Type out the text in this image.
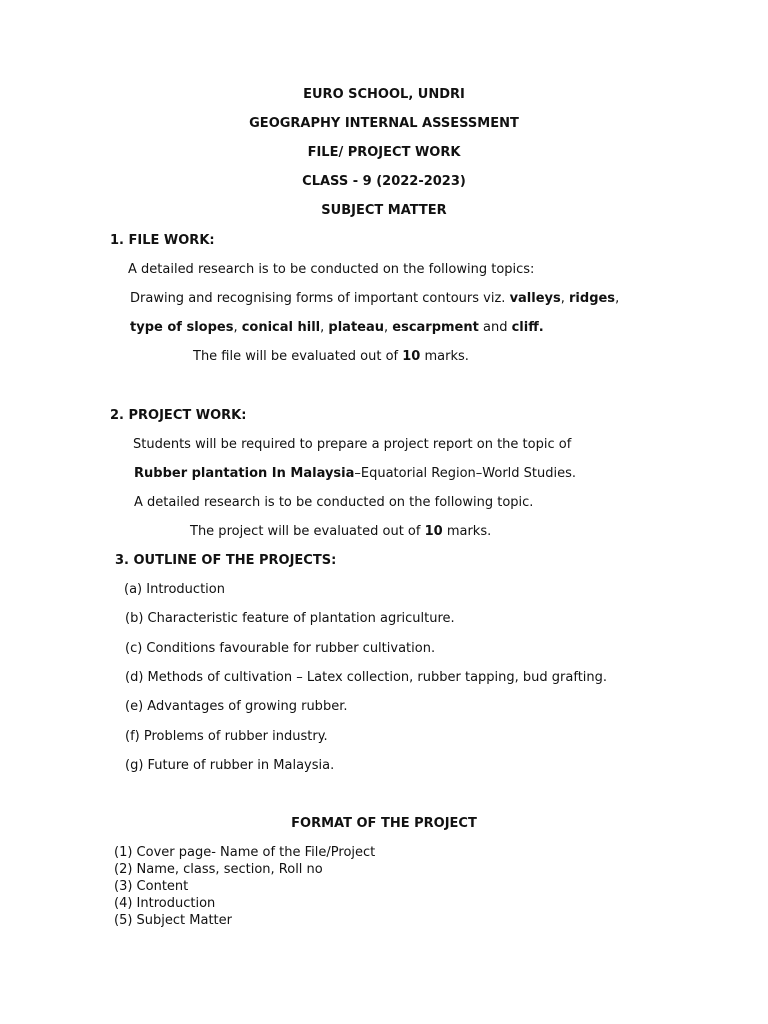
EURO SCHOOL, UNDRI
GEOGRAPHY INTERNAL ASSESSMENT
FILE/ PROJECT WORK
CLASS - 9 (2022-2023)
SUBJECT MATTER
1. FILE WORK:
A detailed research is to be conducted on the following topics:
Drawing and recognising forms of important contours viz. valleys, ridges,
type of slopes, conical hill, plateau, escarpment and cliff.
The file will be evaluated out of 10 marks.
2. PROJECT WORK:
Students will be required to prepare a project report on the topic of
Rubber plantation In Malaysia–Equatorial Region–World Studies.
A detailed research is to be conducted on the following topic.
The project will be evaluated out of 10 marks.
3. OUTLINE OF THE PROJECTS:
(a) Introduction
(b) Characteristic feature of plantation agriculture.
(c) Conditions favourable for rubber cultivation.
(d) Methods of cultivation – Latex collection, rubber tapping, bud grafting.
(e) Advantages of growing rubber.
(f) Problems of rubber industry.
(g) Future of rubber in Malaysia.
FORMAT OF THE PROJECT
(1) Cover page- Name of the File/Project
(2) Name, class, section, Roll no
(3) Content
(4) Introduction
(5) Subject Matter
